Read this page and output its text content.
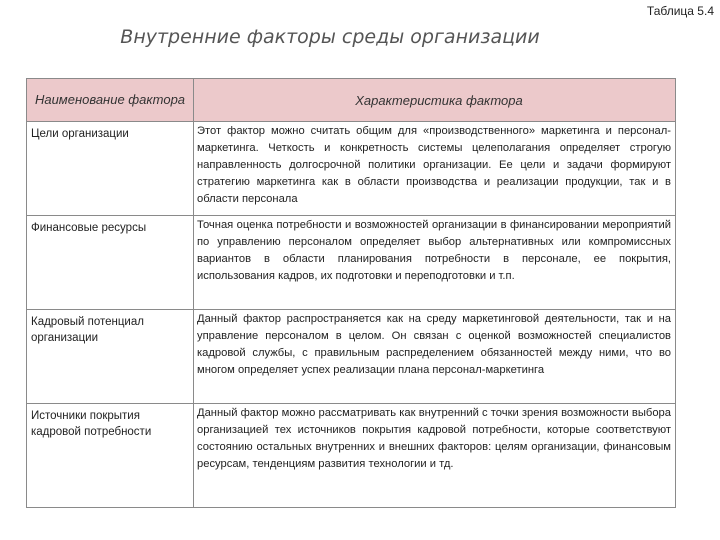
Таблица 5.4
Внутренние факторы среды организации
Наименование фактора	Характеристика фактора
Цели организации	Этот фактор можно считать общим для «производственного» маркетинга и персонал-маркетинга. Четкость и конкретность системы целеполагания определяет строгую направленность долгосрочной политики организации. Ее цели и задачи формируют стратегию маркетинга как в области производства и реализации продукции, так и в области персонала
Финансовые ресурсы	Точная оценка потребности и возможностей организации в финансировании мероприятий по управлению персоналом определяет выбор альтернативных или компромиссных вариантов в области планирования потребности в персонале, ее покрытия, использования кадров, их подготовки и переподготовки и т.п.
Кадровый потенциал организации	Данный фактор распространяется как на среду маркетинговой деятельности, так и на управление персоналом в целом. Он связан с оценкой возможностей специалистов кадровой службы, с правильным распределением обязанностей между ними, что во многом определяет успех реализации плана персонал-маркетинга
Источники покрытия кадровой потребности	Данный фактор можно рассматривать как внутренний с точки зрения возможности выбора организацией тех источников покрытия кадровой потребности, которые соответствуют состоянию остальных внутренних и внешних факторов: целям организации, финансовым ресурсам, тенденциям развития технологии и тд.
